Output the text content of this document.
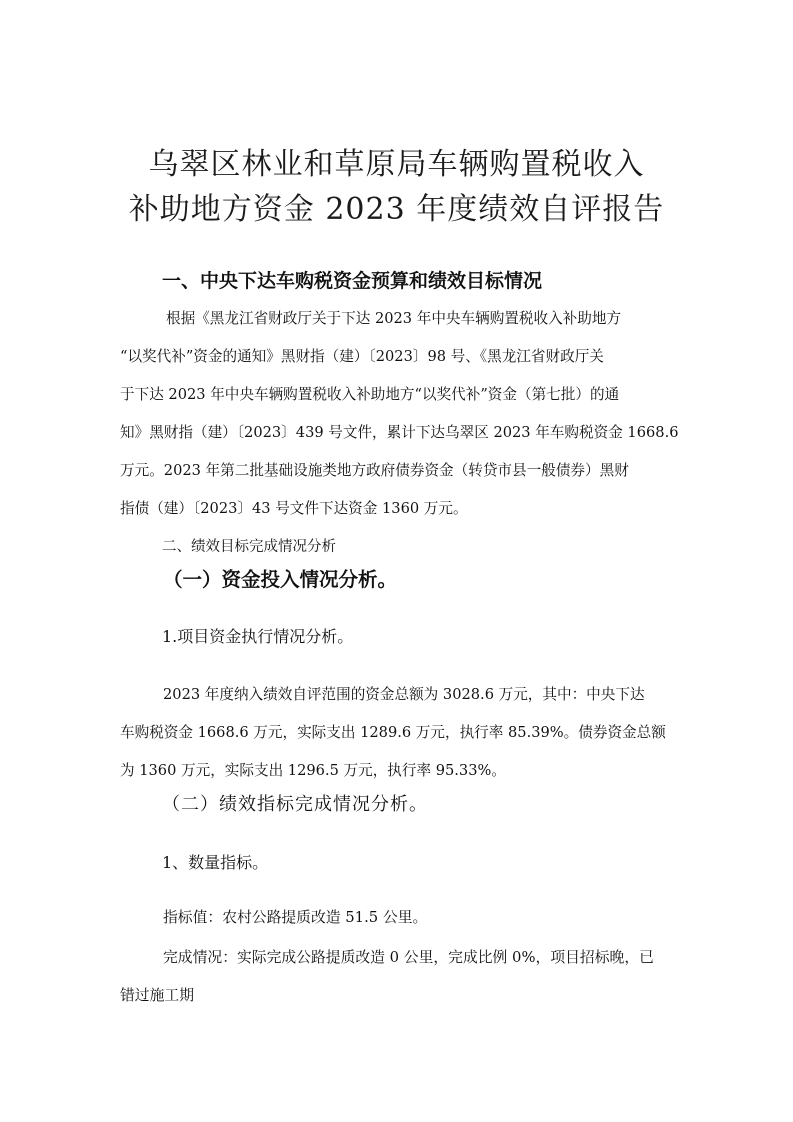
乌翠区林业和草原局车辆购置税收入
补助地方资金 2023 年度绩效自评报告
一、中央下达车购税资金预算和绩效目标情况
根据《黑龙江省财政厅关于下达 2023 年中央车辆购置税收入补助地方
“以奖代补”资金的通知》黑财指（建）〔2023〕98 号、《黑龙江省财政厅关
于下达 2023 年中央车辆购置税收入补助地方“以奖代补”资金（第七批）的通
知》黑财指（建）〔2023〕439 号文件，累计下达乌翠区 2023 年车购税资金 1668.6
万元。2023 年第二批基础设施类地方政府债券资金（转贷市县一般债券）黑财
指债（建）〔2023〕43 号文件下达资金 1360 万元。
二、绩效目标完成情况分析
（一）资金投入情况分析。
1.项目资金执行情况分析。
2023 年度纳入绩效自评范围的资金总额为 3028.6 万元，其中：中央下达
车购税资金 1668.6 万元，实际支出 1289.6 万元，执行率 85.39%。债券资金总额
为 1360 万元，实际支出 1296.5 万元，执行率 95.33%。
（二）绩效指标完成情况分析。
1、数量指标。
指标值：农村公路提质改造 51.5 公里。
完成情况：实际完成公路提质改造 0 公里，完成比例 0%，项目招标晚，已
错过施工期
